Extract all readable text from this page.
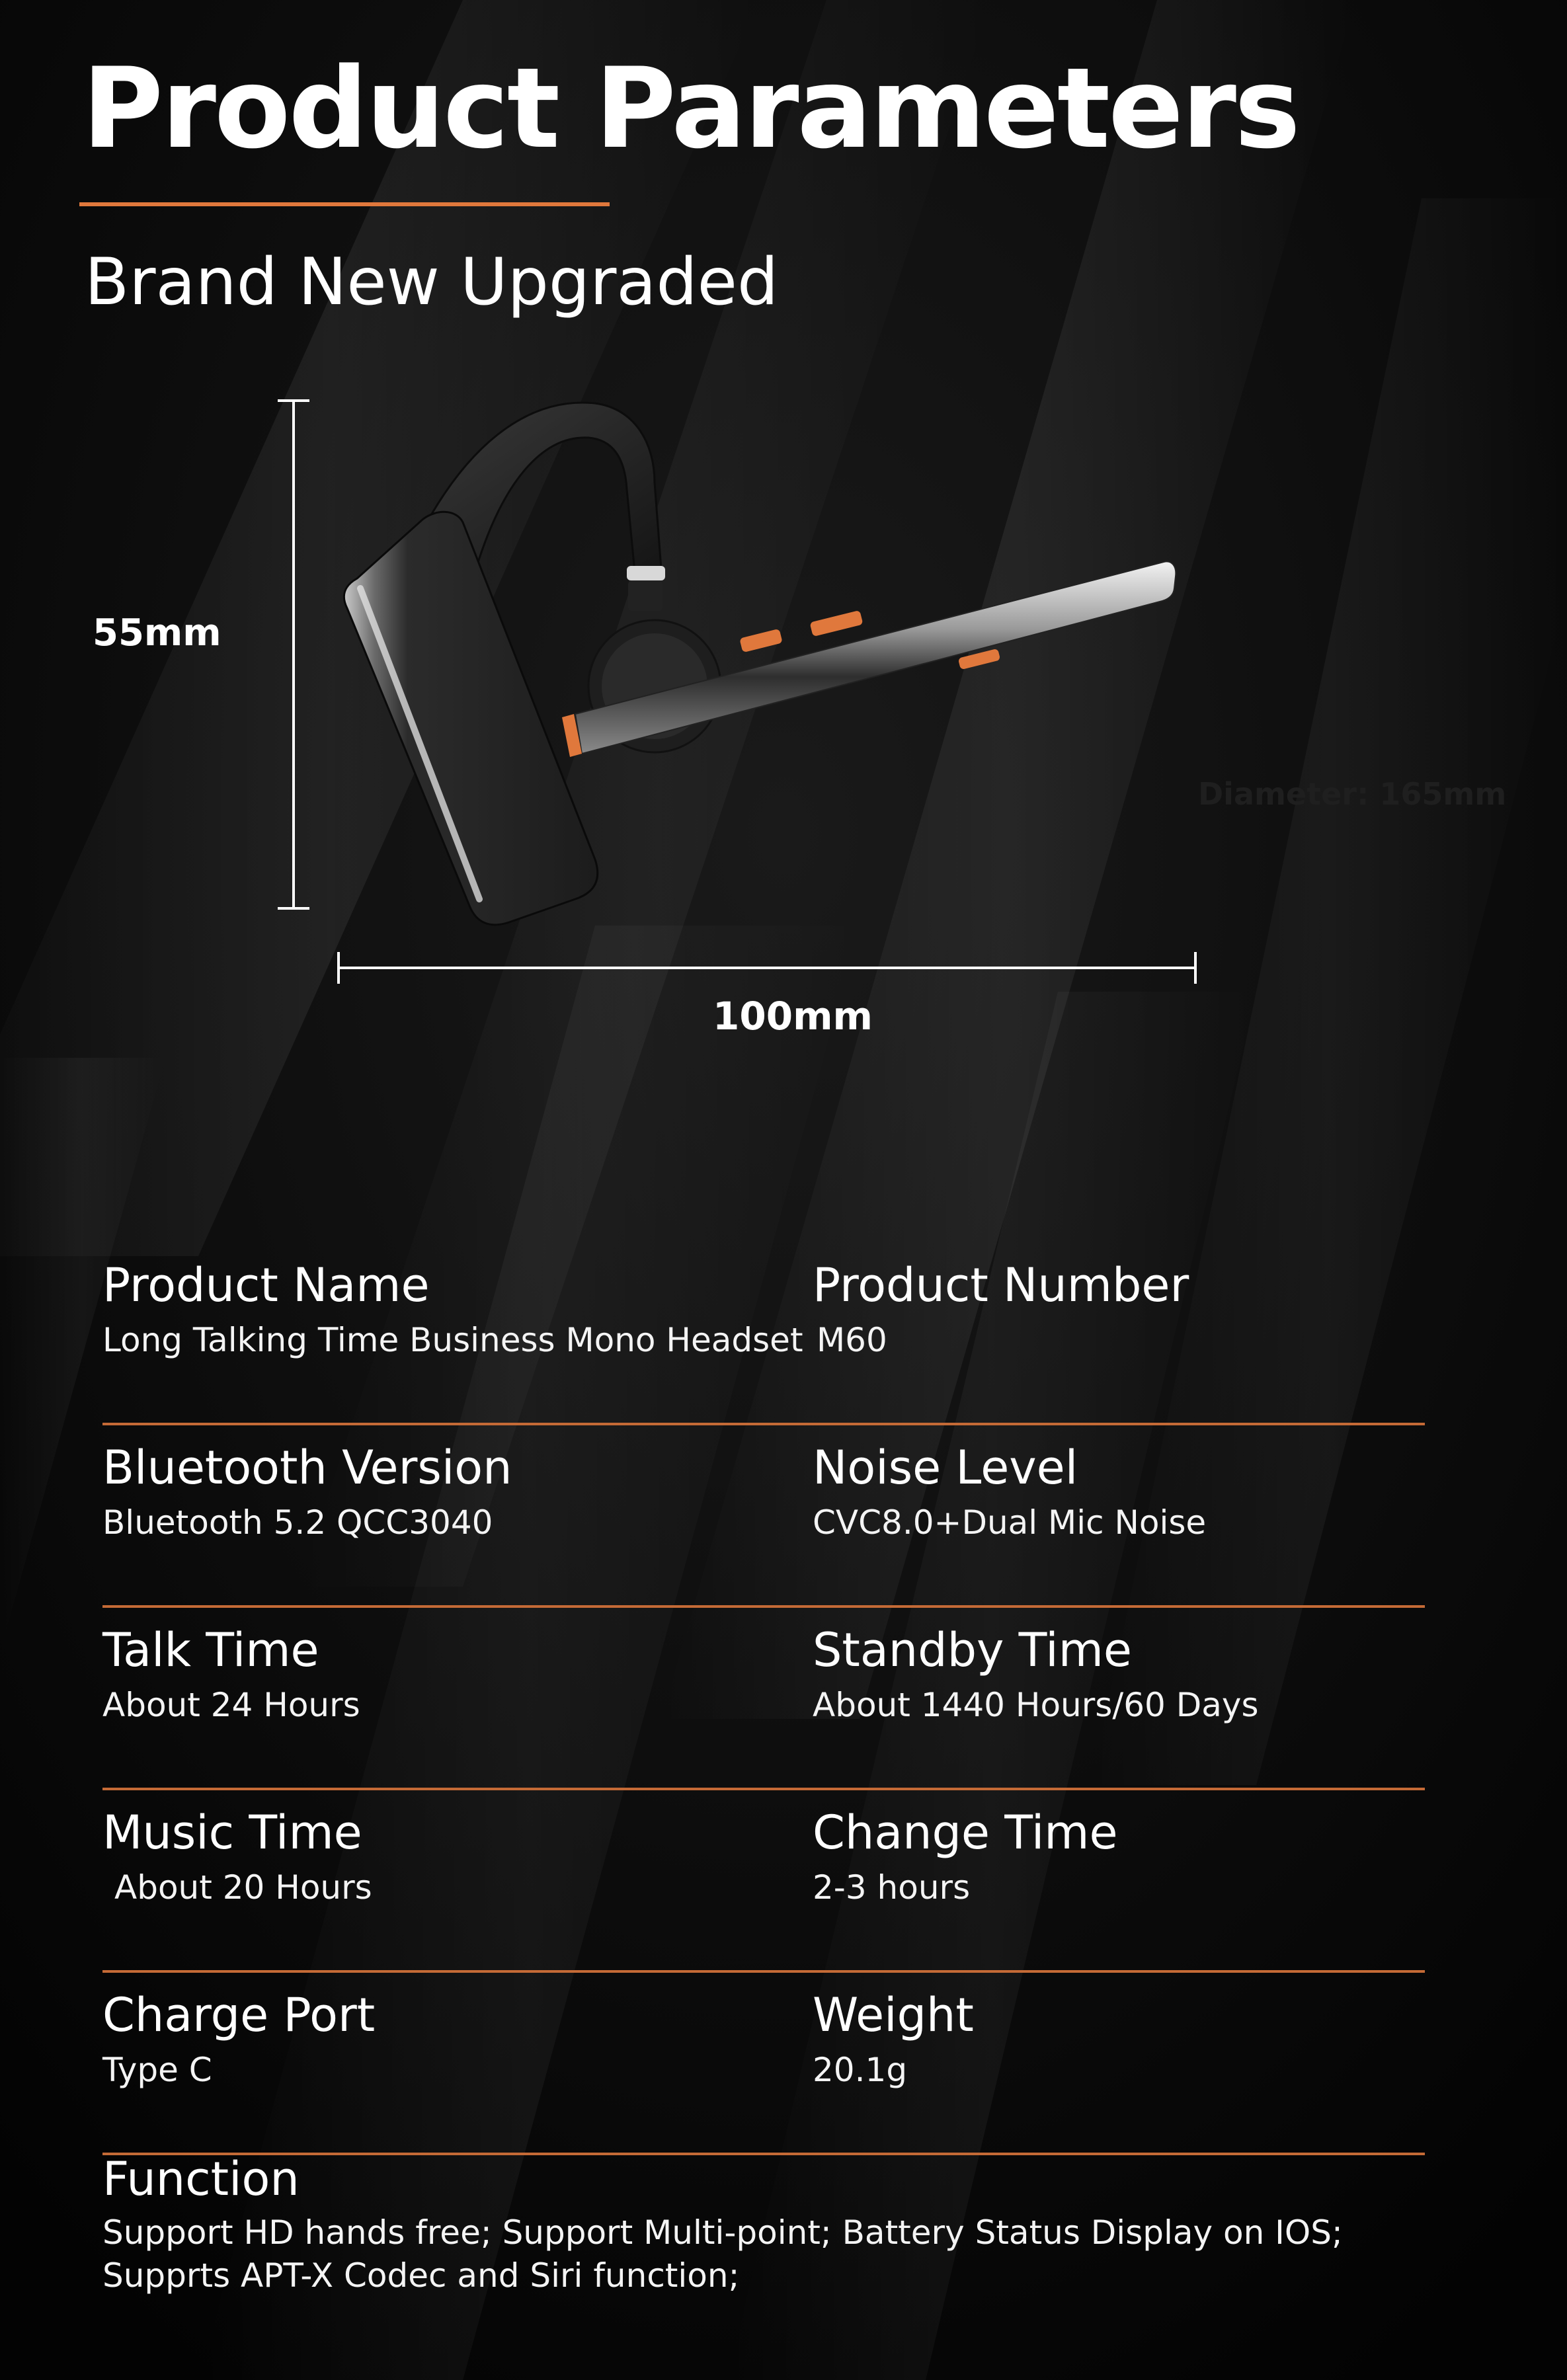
Product Parameters
Brand New Upgraded
55mm
100mm
Diameter: 165mm
Product Name
Long Talking Time Business Mono Headset
Product Number
M60
Bluetooth Version
Bluetooth 5.2 QCC3040
Noise Level
CVC8.0+Dual Mic Noise
Talk Time
About 24 Hours
Standby Time
About 1440 Hours/60 Days
Music Time
About 20 Hours
Change Time
2-3 hours
Charge Port
Type C
Weight
20.1g
Function
Support HD hands free; Support Multi-point; Battery Status Display on IOS;
Supprts APT-X Codec and Siri function;
